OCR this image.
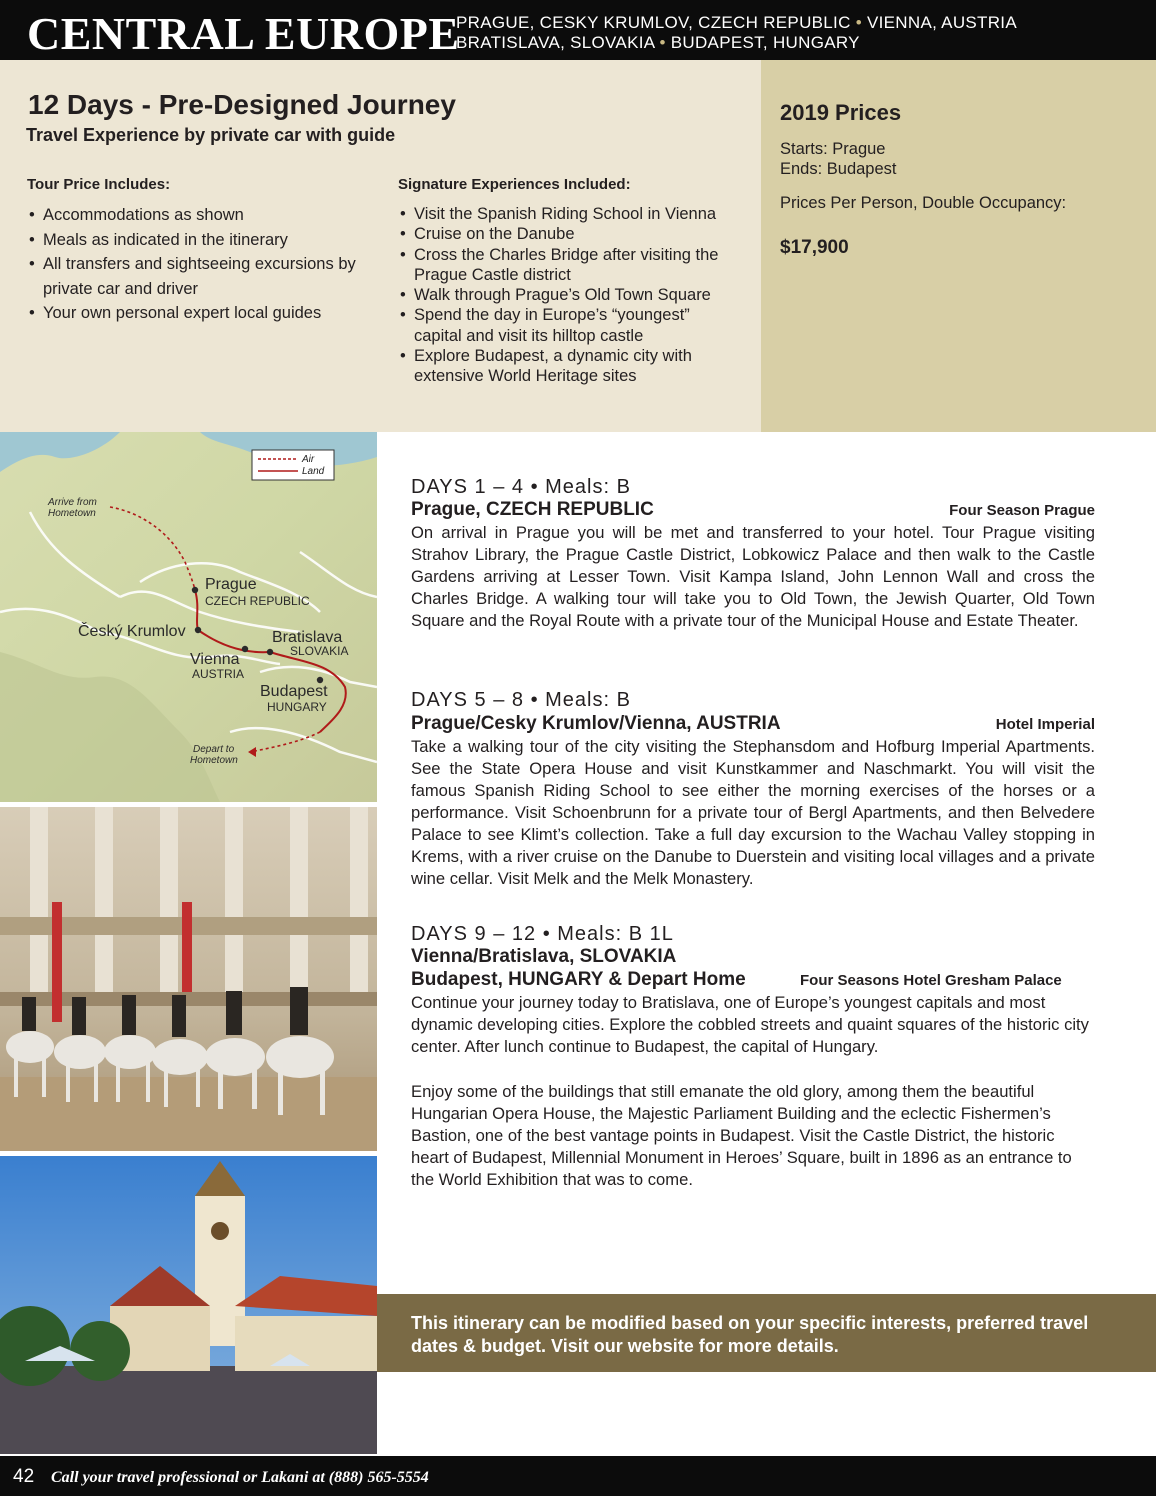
CENTRAL EUROPE
PRAGUE, CESKY KRUMLOV, CZECH REPUBLIC • VIENNA, AUSTRIA
BRATISLAVA, SLOVAKIA • BUDAPEST, HUNGARY
12 Days - Pre-Designed Journey
Travel Experience by private car with guide
Tour Price Includes:
• Accommodations as shown
• Meals as indicated in the itinerary
• All transfers and sightseeing excursions by private car and driver
• Your own personal expert local guides
Signature Experiences Included:
• Visit the Spanish Riding School in Vienna
• Cruise on the Danube
• Cross the Charles Bridge after visiting the Prague Castle district
• Walk through Prague’s Old Town Square
• Spend the day in Europe’s “youngest” capital and visit its hilltop castle
• Explore Budapest, a dynamic city with extensive World Heritage sites
2019 Prices
Starts: Prague
Ends: Budapest
Prices Per Person, Double Occupancy:
$17,900
Air
Land
Arrive from
Hometown
Prague
CZECH REPUBLIC
Český Krumlov	Bratislava
SLOVAKIA
Vienna
AUSTRIA
Budapest
HUNGARY
Depart to
Hometown
DAYS 1 – 4 • Meals: B
Prague, CZECH REPUBLIC	Four Season Prague

On arrival in Prague you will be met and transferred to your hotel. Tour Prague visiting Strahov Library, the Prague Castle District, Lobkowicz Palace and then walk to the Castle Gardens arriving at Lesser Town. Visit Kampa Island, John Lennon Wall and cross the Charles Bridge. A walking tour will take you to Old Town, the Jewish Quarter, Old Town Square and the Royal Route with a private tour of the Municipal House and Estate Theater.

DAYS 5 – 8 • Meals: B
Prague/Cesky Krumlov/Vienna, AUSTRIA	Hotel Imperial

Take a walking tour of the city visiting the Stephansdom and Hofburg Imperial Apartments. See the State Opera House and visit Kunstkammer and Naschmarkt. You will visit the famous Spanish Riding School to see either the morning exercises of the horses or a performance. Visit Schoenbrunn for a private tour of Bergl Apartments, and then Belvedere Palace to see Klimt’s collection. Take a full day excursion to the Wachau Valley stopping in Krems, with a river cruise on the Danube to Duerstein and visiting local villages and a private wine cellar. Visit Melk and the Melk Monastery.

DAYS 9 – 12 • Meals: B 1L
Vienna/Bratislava, SLOVAKIA
Budapest, HUNGARY & Depart Home	Four Seasons Hotel Gresham Palace

Continue your journey today to Bratislava, one of Europe’s youngest capitals and most dynamic developing cities. Explore the cobbled streets and quaint squares of the historic city center. After lunch continue to Budapest, the capital of Hungary.

Enjoy some of the buildings that still emanate the old glory, among them the beautiful Hungarian Opera House, the Majestic Parliament Building and the eclectic Fishermen’s Bastion, one of the best vantage points in Budapest. Visit the Castle District, the historic heart of Budapest, Millennial Monument in Heroes’ Square, built in 1896 as an entrance to the World Exhibition that was to come.

This itinerary can be modified based on your specific interests, preferred travel dates & budget. Visit our website for more details.
42 Call your travel professional or Lakani at (888) 565-5554
